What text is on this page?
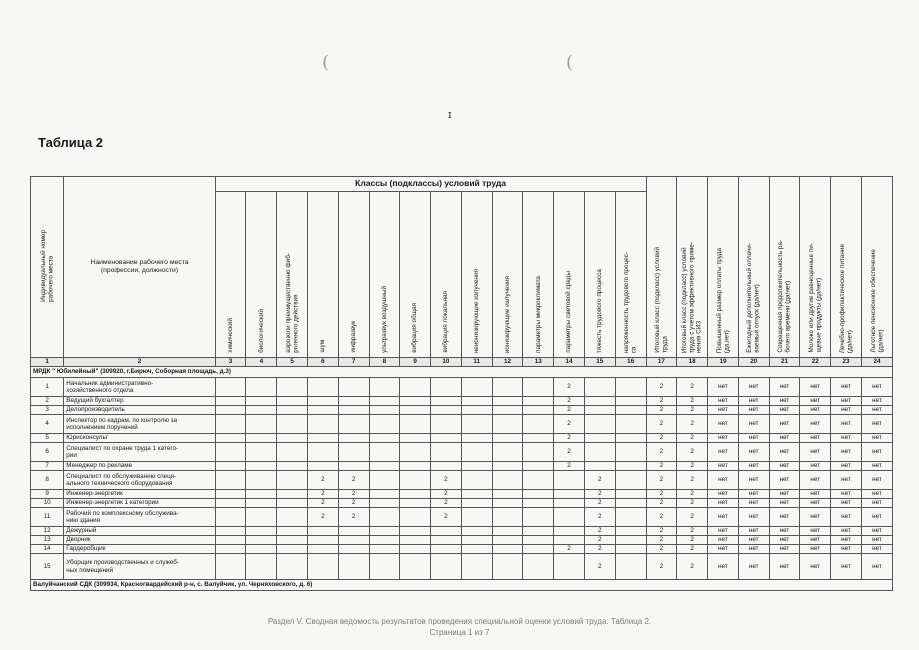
(	(
ɪ
Таблица 2
Индивидуальный номер
рабочего места	Наименование рабочего места
(профессии, должности)	Классы (подклассы) условий труда														Итоговый класс (подкласс) условий
труда	Итоговый класс (подкласс) условий
труда с учетом эффективного приме-
нения СИЗ	Повышенный размер оплаты труда
(да,нет)	Ежегодный дополнительный оплачи-
ваемый отпуск (да/нет)	Сокращенная продолжительность ра-
бочего времени (да/нет)	Молоко или другие равноценные пи-
щевые продукты (да/нет)	Лечебно-профилактическое питание
(да/нет)	Льготное пенсионное обеспечение
(да/нет)
		химический	биологический	аэрозоли преимущественно фиб-
рогенного действия	шум	инфразвук	ультразвук воздушный	вибрация общая	вибрация локальная	неионизирующие излучения	ионизирующие излучения	параметры микроклимата	параметры световой среды	тяжесть трудового процесса	напряженность трудового процес-
са								
1	2	3	4	5	6	7	8	9	10	11	12	13	14	15	16	17	18	19	20	21	22	23	24
МРДК " Юбилейный" (309920, г.Бирюч, Соборная площадь, д.3)																							
1	Начальник административно-
хозяйственного отдела												2			2	2	нет	нет	нет	нет	нет	нет
2	Ведущий бухгалтер												2			2	2	нет	нет	нет	нет	нет	нет
3	Делопроизводитель												2			2	2	нет	нет	нет	нет	нет	нет
4	Инспектор по кадрам, по контролю за
исполнением поручений												2			2	2	нет	нет	нет	нет	нет	нет
5	Юрисконсульт												2			2	2	нет	нет	нет	нет	нет	нет
6	Специалист по охране труда 1 катего-
рии												2			2	2	нет	нет	нет	нет	нет	нет
7	Менеджер по рекламе												2			2	2	нет	нет	нет	нет	нет	нет
8	Специалист по обслуживанию специ-
ального технического оборудования				2	2			2					2		2	2	нет	нет	нет	нет	нет	нет
9	Инженер-энергетик				2	2			2					2		2	2	нет	нет	нет	нет	нет	нет
10	Инженер-энергетик 1 категории				2	2			2					2		2	2	нет	нет	нет	нет	нет	нет
11	Рабочий по комплексному обслужива-
нию здания				2	2			2					2		2	2	нет	нет	нет	нет	нет	нет
12	Дежурный													2		2	2	нет	нет	нет	нет	нет	нет
13	Дворник													2		2	2	нет	нет	нет	нет	нет	нет
14	Гардеробщик												2	2		2	2	нет	нет	нет	нет	нет	нет
15	Уборщик производственных и служеб-
ных помещений													2		2	2	нет	нет	нет	нет	нет	нет
Валуйчанский СДК (309934, Красногвардейский р-н, с. Валуйчик, ул. Черняховского, д. 6)																							
Раздел V. Сводная ведомость результатов проведения специальной оценки условий труда. Таблица 2.
Страница 1 из 7
